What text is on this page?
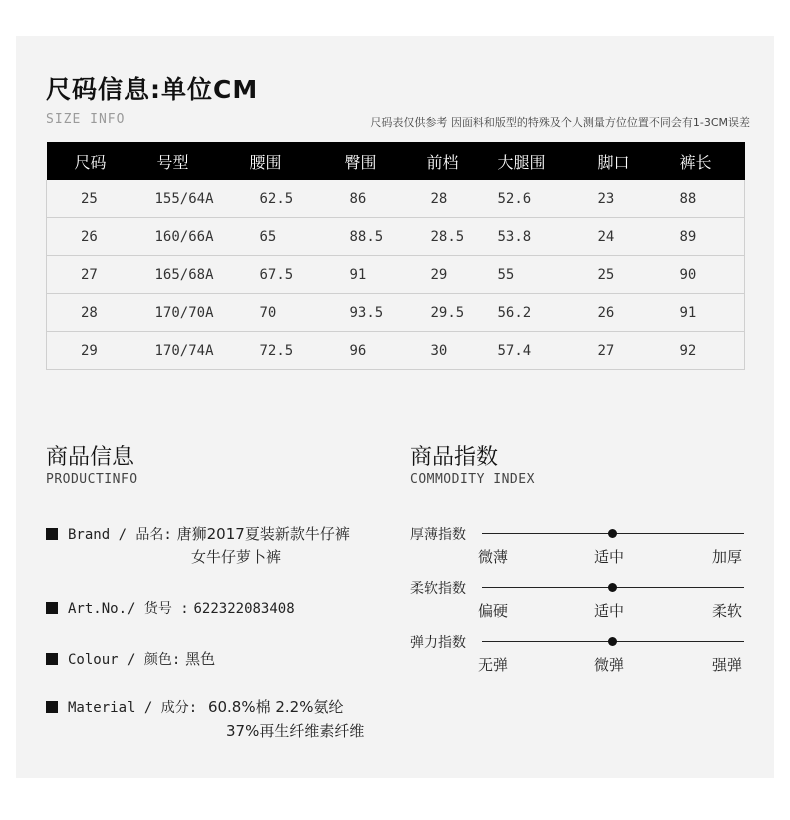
尺码信息:单位CM
SIZE INFO	尺码表仅供参考 因面料和版型的特殊及个人测量方位位置不同会有1-3CM误差
尺码	号型	腰围	臀围	前档	大腿围	脚口	裤长
25	155/64A	62.5	86	28	52.6	23	88
26	160/66A	65	88.5	28.5	53.8	24	89
27	165/68A	67.5	91	29	55	25	90
28	170/70A	70	93.5	29.5	56.2	26	91
29	170/74A	72.5	96	30	57.4	27	92
商品信息
PRODUCTINFO
Brand / 品名: 唐狮2017夏装新款牛仔裤
女牛仔萝卜裤
Art.No./ 货号 : 622322083408
Colour / 颜色: 黑色
Material / 成分: 60.8%棉 2.2%氨纶
37%再生纤维素纤维
商品指数
COMMODITY INDEX
厚薄指数
微薄	适中	加厚
柔软指数
偏硬	适中	柔软
弹力指数
无弹	微弹	强弹
